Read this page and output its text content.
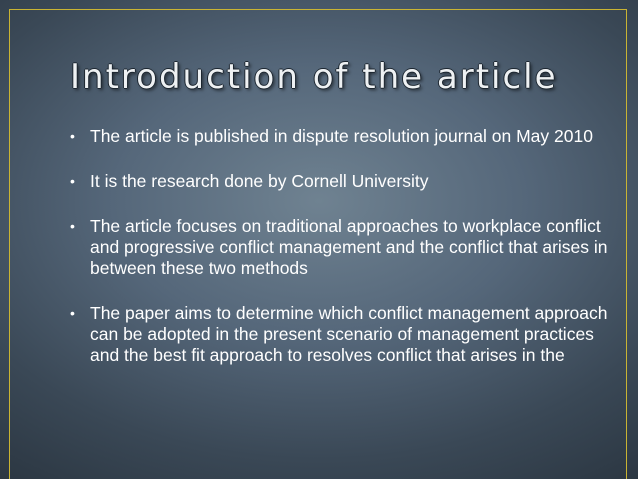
Introduction of the article
• The article is published in dispute resolution journal on May 2010
• It is the research done by Cornell University
• The article focuses on traditional approaches to workplace conflict and progressive conflict management and the conflict that arises in between these two methods
• The paper aims to determine which conflict management approach can be adopted in the present scenario of management practices and the best fit approach to resolves conflict that arises in the
